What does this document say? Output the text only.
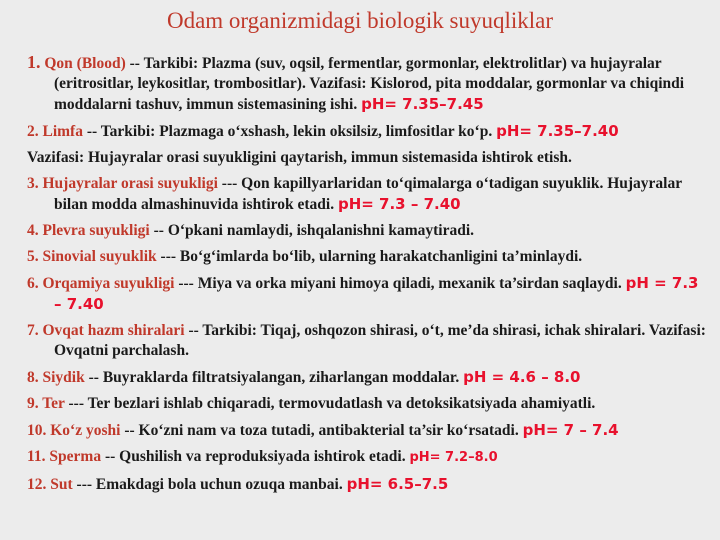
Odam organizmidagi biologik suyuqliklar
1. Qon (Blood) -- Tarkibi: Plazma (suv, oqsil, fermentlar, gormonlar, elektrolitlar) va hujayralar (eritrositlar, leykositlar, trombositlar). Vazifasi: Kislorod, pita moddalar, gormonlar va chiqindi moddalarni tashuv, immun sistemasining ishi. pH= 7.35–7.45
2. Limfa -- Tarkibi: Plazmaga o‘xshash, lekin oksilsiz, limfositlar ko‘p. pH= 7.35–7.40
Vazifasi: Hujayralar orasi suyukligini qaytarish, immun sistemasida ishtirok etish.
3. Hujayralar orasi suyukligi --- Qon kapillyarlaridan to‘qimalarga o‘tadigan suyuklik. Hujayralar bilan modda almashinuvida ishtirok etadi. pH= 7.3 – 7.40
4. Plevra suyukligi -- O‘pkani namlaydi, ishqalanishni kamaytiradi.
5. Sinovial suyuklik --- Bo‘g‘imlarda bo‘lib, ularning harakatchanligini ta’minlaydi.
6. Orqamiya suyukligi --- Miya va orka miyani himoya qiladi, mexanik ta’sirdan saqlaydi. pH = 7.3 – 7.40
7. Ovqat hazm shiralari -- Tarkibi: Tiqaj, oshqozon shirasi, o‘t, me’da shirasi, ichak shiralari. Vazifasi: Ovqatni parchalash.
8. Siydik -- Buyraklarda filtratsiyalangan, ziharlangan moddalar. pH = 4.6 – 8.0
9. Ter --- Ter bezlari ishlab chiqaradi, termovudatlash va detoksikatsiyada ahamiyatli.
10. Ko‘z yoshi -- Ko‘zni nam va toza tutadi, antibakterial ta’sir ko‘rsatadi. pH= 7 – 7.4
11. Sperma -- Qushilish va reproduksiyada ishtirok etadi. pH= 7.2–8.0
12. Sut --- Emakdagi bola uchun ozuqa manbai. pH= 6.5–7.5
